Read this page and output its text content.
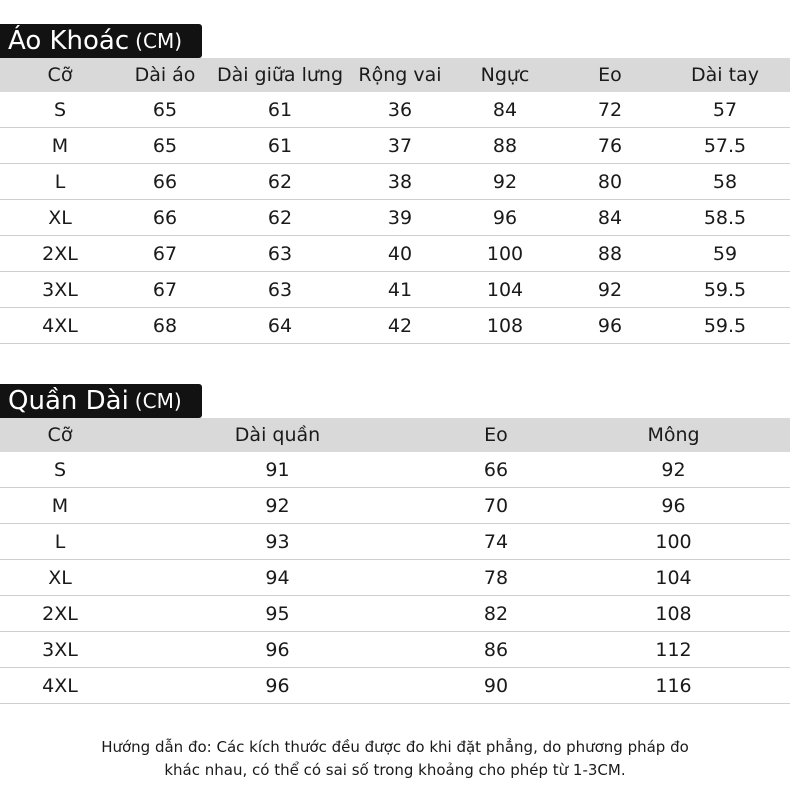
Áo Khoác (CM)
Cỡ	Dài áo	Dài giữa lưng	Rộng vai	Ngực	Eo	Dài tay
S	65	61	36	84	72	57
M	65	61	37	88	76	57.5
L	66	62	38	92	80	58
XL	66	62	39	96	84	58.5
2XL	67	63	40	100	88	59
3XL	67	63	41	104	92	59.5
4XL	68	64	42	108	96	59.5
Quần Dài (CM)
Cỡ	Dài quần	Eo	Mông
S	91	66	92
M	92	70	96
L	93	74	100
XL	94	78	104
2XL	95	82	108
3XL	96	86	112
4XL	96	90	116
Hướng dẫn đo: Các kích thước đều được đo khi đặt phẳng, do phương pháp đo
khác nhau, có thể có sai số trong khoảng cho phép từ 1-3CM.
